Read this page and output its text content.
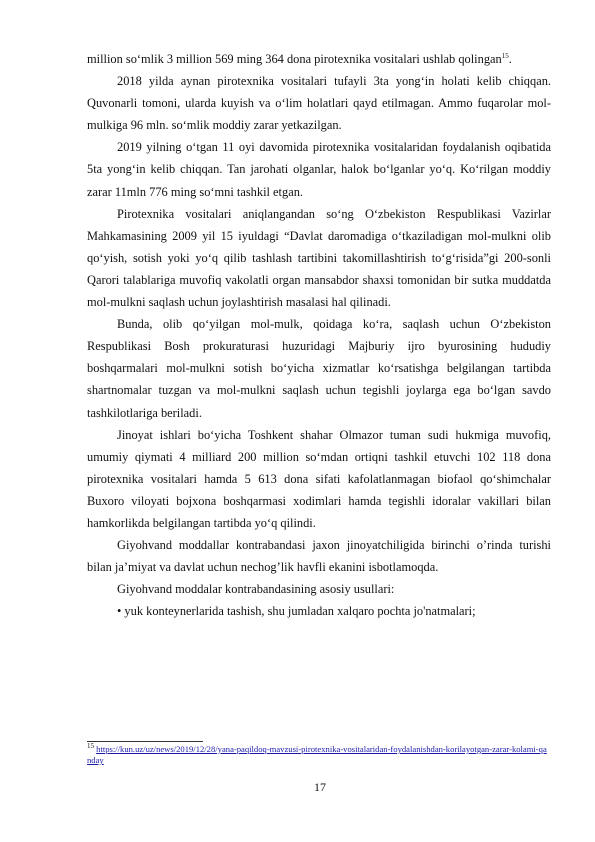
million so‘mlik 3 million 569 ming 364 dona pirotexnika vositalari ushlab qolingan$^{15}$.

2018 yilda aynan pirotexnika vositalari tufayli 3ta yong‘in holati kelib chiqqan. Quvonarli tomoni, ularda kuyish va o‘lim holatlari qayd etilmagan. Ammo fuqarolar mol-mulkiga 96 mln. so‘mlik moddiy zarar yetkazilgan.

2019 yilning o‘tgan 11 oyi davomida pirotexnika vositalaridan foydalanish oqibatida 5ta yong‘in kelib chiqqan. Tan jarohati olganlar, halok bo‘lganlar yo‘q. Ko‘rilgan moddiy zarar 11mln 776 ming so‘mni tashkil etgan.

Pirotexnika vositalari aniqlangandan so‘ng O‘zbekiston Respublikasi Vazirlar Mahkamasining 2009 yil 15 iyuldagi “Davlat daromadiga o‘tkaziladigan mol-mulkni olib qo‘yish, sotish yoki yo‘q qilib tashlash tartibini takomillashtirish to‘g‘risida”gi 200-sonli Qarori talablariga muvofiq vakolatli organ mansabdor shaxsi tomonidan bir sutka muddatda mol-mulkni saqlash uchun joylashtirish masalasi hal qilinadi.

Bunda, olib qo‘yilgan mol-mulk, qoidaga ko‘ra, saqlash uchun O‘zbekiston Respublikasi Bosh prokuraturasi huzuridagi Majburiy ijro byurosining hududiy boshqarmalari mol-mulkni sotish bo‘yicha xizmatlar ko‘rsatishga belgilangan tartibda shartnomalar tuzgan va mol-mulkni saqlash uchun tegishli joylarga ega bo‘lgan savdo tashkilotlariga beriladi.

Jinoyat ishlari bo‘yicha Toshkent shahar Olmazor tuman sudi hukmiga muvofiq, umumiy qiymati 4 milliard 200 million so‘mdan ortiqni tashkil etuvchi 102 118 dona pirotexnika vositalari hamda 5 613 dona sifati kafolatlanmagan biofaol qo‘shimchalar Buxoro viloyati bojxona boshqarmasi xodimlari hamda tegishli idoralar vakillari bilan hamkorlikda belgilangan tartibda yo‘q qilindi.

Giyohvand moddallar kontrabandasi jaxon jinoyatchiligida birinchi o’rinda turishi bilan ja’miyat va davlat uchun nechog’lik havfli ekanini isbotlamoqda.

Giyohvand moddalar kontrabandasining asosiy usullari:

• yuk konteynerlarida tashish, shu jumladan xalqaro pochta jo'natmalari;

$^{15}$ https://kun.uz/uz/news/2019/12/28/yana-paqildoq-mavzusi-pirotexnika-vositalaridan-foydalanishdan-korilayotgan-zarar-kolami-qanday
17
